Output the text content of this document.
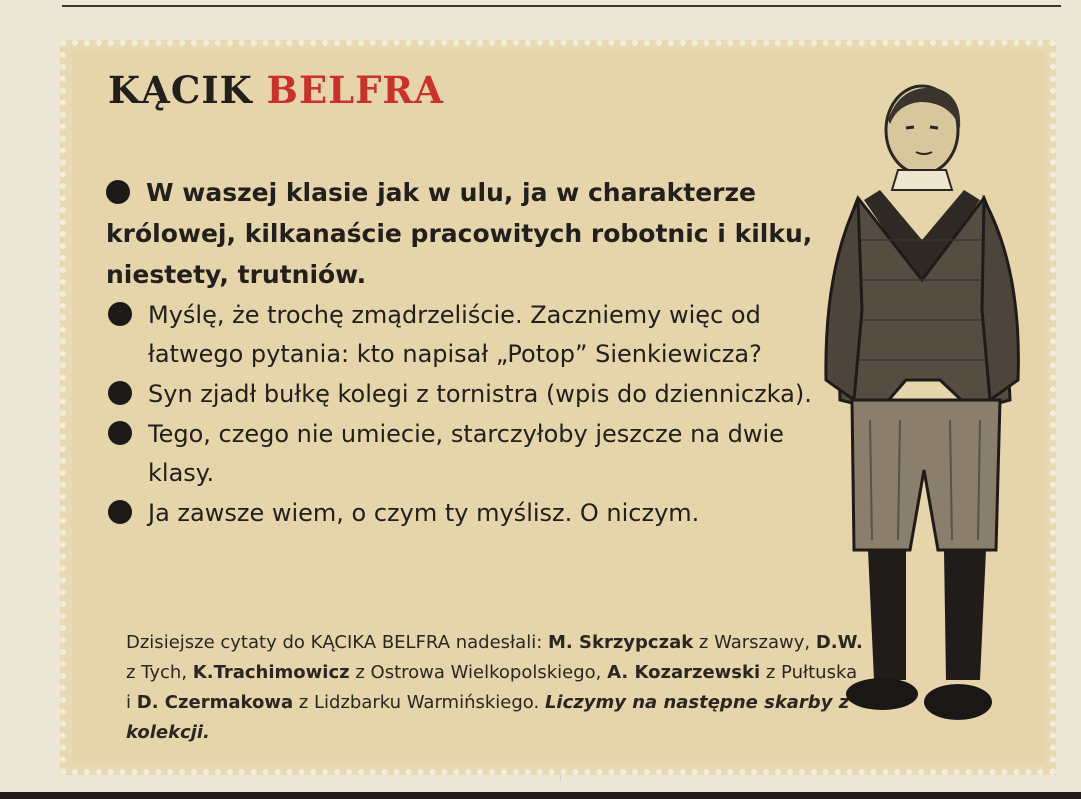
KĄCIK BELFRA
W waszej klasie jak w ulu, ja w charakterze królowej, kilkanaście pracowitych robotnic i kilku, niestety, trutniów.
Myślę, że trochę zmądrzeliście. Zaczniemy więc od łatwego pytania: kto napisał „Potop” Sienkiewicza?
Syn zjadł bułkę kolegi z tornistra (wpis do dzienniczka).
Tego, czego nie umiecie, starczyłoby jeszcze na dwie klasy.
Ja zawsze wiem, o czym ty myślisz. O niczym.
Dzisiejsze cytaty do KĄCIKA BELFRA nadesłali: M. Skrzypczak z Warszawy, D.W. z Tych, K.Trachimowicz z Ostrowa Wielkopolskiego, A. Kozarzewski z Pułtuska i D. Czermakowa z Lidzbarku Warmińskiego. Liczymy na następne skarby z kolekcji.
